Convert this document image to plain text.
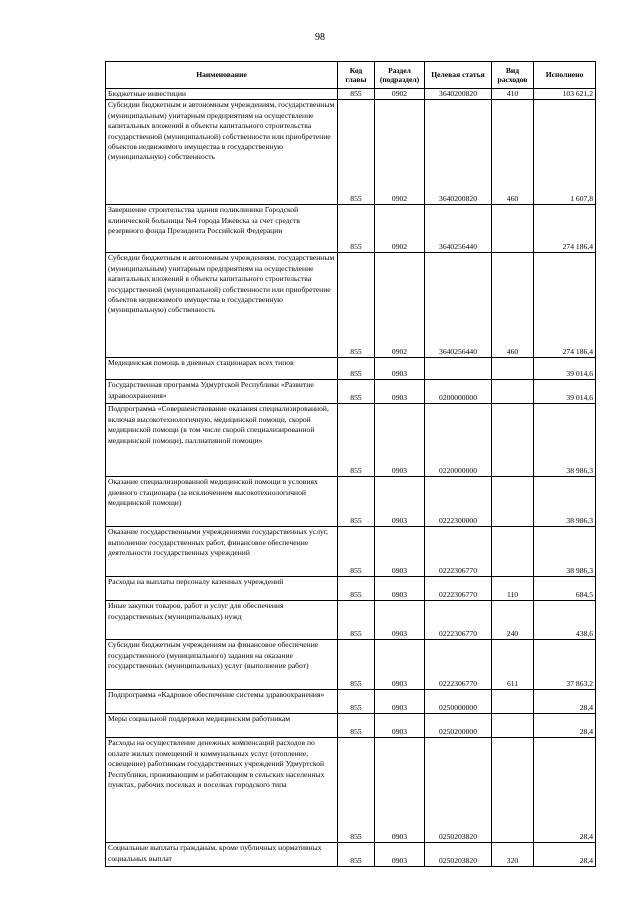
98
Наименование	Код главы	Раздел (подраздел)	Целевая статья	Вид расходов	Исполнено
Бюджетные инвестиции	855	0902	3640200820	410	103 621,2
Субсидии бюджетным и автономным учреждениям, государственным (муниципальным) унитарным предприятиям на осуществление капитальных вложений в объекты капитального строительства государственной (муниципальной) собственности или приобретение объектов недвижимого имущества в государственную (муниципальную) собственность	855	0902	3640200820	460	1 607,8
Завершение строительства здания поликлиники Городской клинической больницы №4 города Ижевска за счет средств резервного фонда Президента Российской Федерации	855	0902	3640256440		274 186,4
Субсидии бюджетным и автономным учреждениям, государственным (муниципальным) унитарным предприятиям на осуществление капитальных вложений в объекты капитального строительства государственной (муниципальной) собственности или приобретение объектов недвижимого имущества в государственную (муниципальную) собственность	855	0902	3640256440	460	274 186,4
Медицинская помощь в дневных стационарах всех типов	855	0903			39 014,6
Государственная программа Удмуртской Республики «Развитие здравоохранения»	855	0903	0200000000		39 014,6
Подпрограмма «Совершенствование оказания специализированной, включая высокотехнологичную, медицинской помощи, скорой медицинской помощи (в том числе скорой специализированной медицинской помощи), паллиативной помощи»	855	0903	0220000000		38 986,3
Оказание специализированной медицинской помощи в условиях дневного стационара (за исключением высокотехнологичной медицинской помощи)	855	0903	0222300000		38 986,3
Оказание государственными учреждениями государственных услуг, выполнение государственных работ, финансовое обеспечение деятельности государственных учреждений	855	0903	0222306770		38 986,3
Расходы на выплаты персоналу казенных учреждений	855	0903	0222306770	110	684,5
Иные закупки товаров, работ и услуг для обеспечения государственных (муниципальных) нужд	855	0903	0222306770	240	438,6
Субсидии бюджетным учреждениям на финансовое обеспечение государственного (муниципального) задания на оказание государственных (муниципальных) услуг (выполнение работ)	855	0903	0222306770	611	37 863,2
Подпрограмма «Кадровое обеспечение системы здравоохранения»	855	0903	0250000000		28,4
Меры социальной поддержки медицинским работникам	855	0903	0250200000		28,4
Расходы на осуществление денежных компенсаций расходов по оплате жилых помещений и коммунальных услуг (отопление, освещение) работникам государственных учреждений Удмуртской Республики, проживающим и работающим в сельских населенных пунктах, рабочих поселках и поселках городского типа	855	0903	0250203820		28,4
Социальные выплаты гражданам, кроме публичных нормативных социальных выплат	855	0903	0250203820	320	28,4
